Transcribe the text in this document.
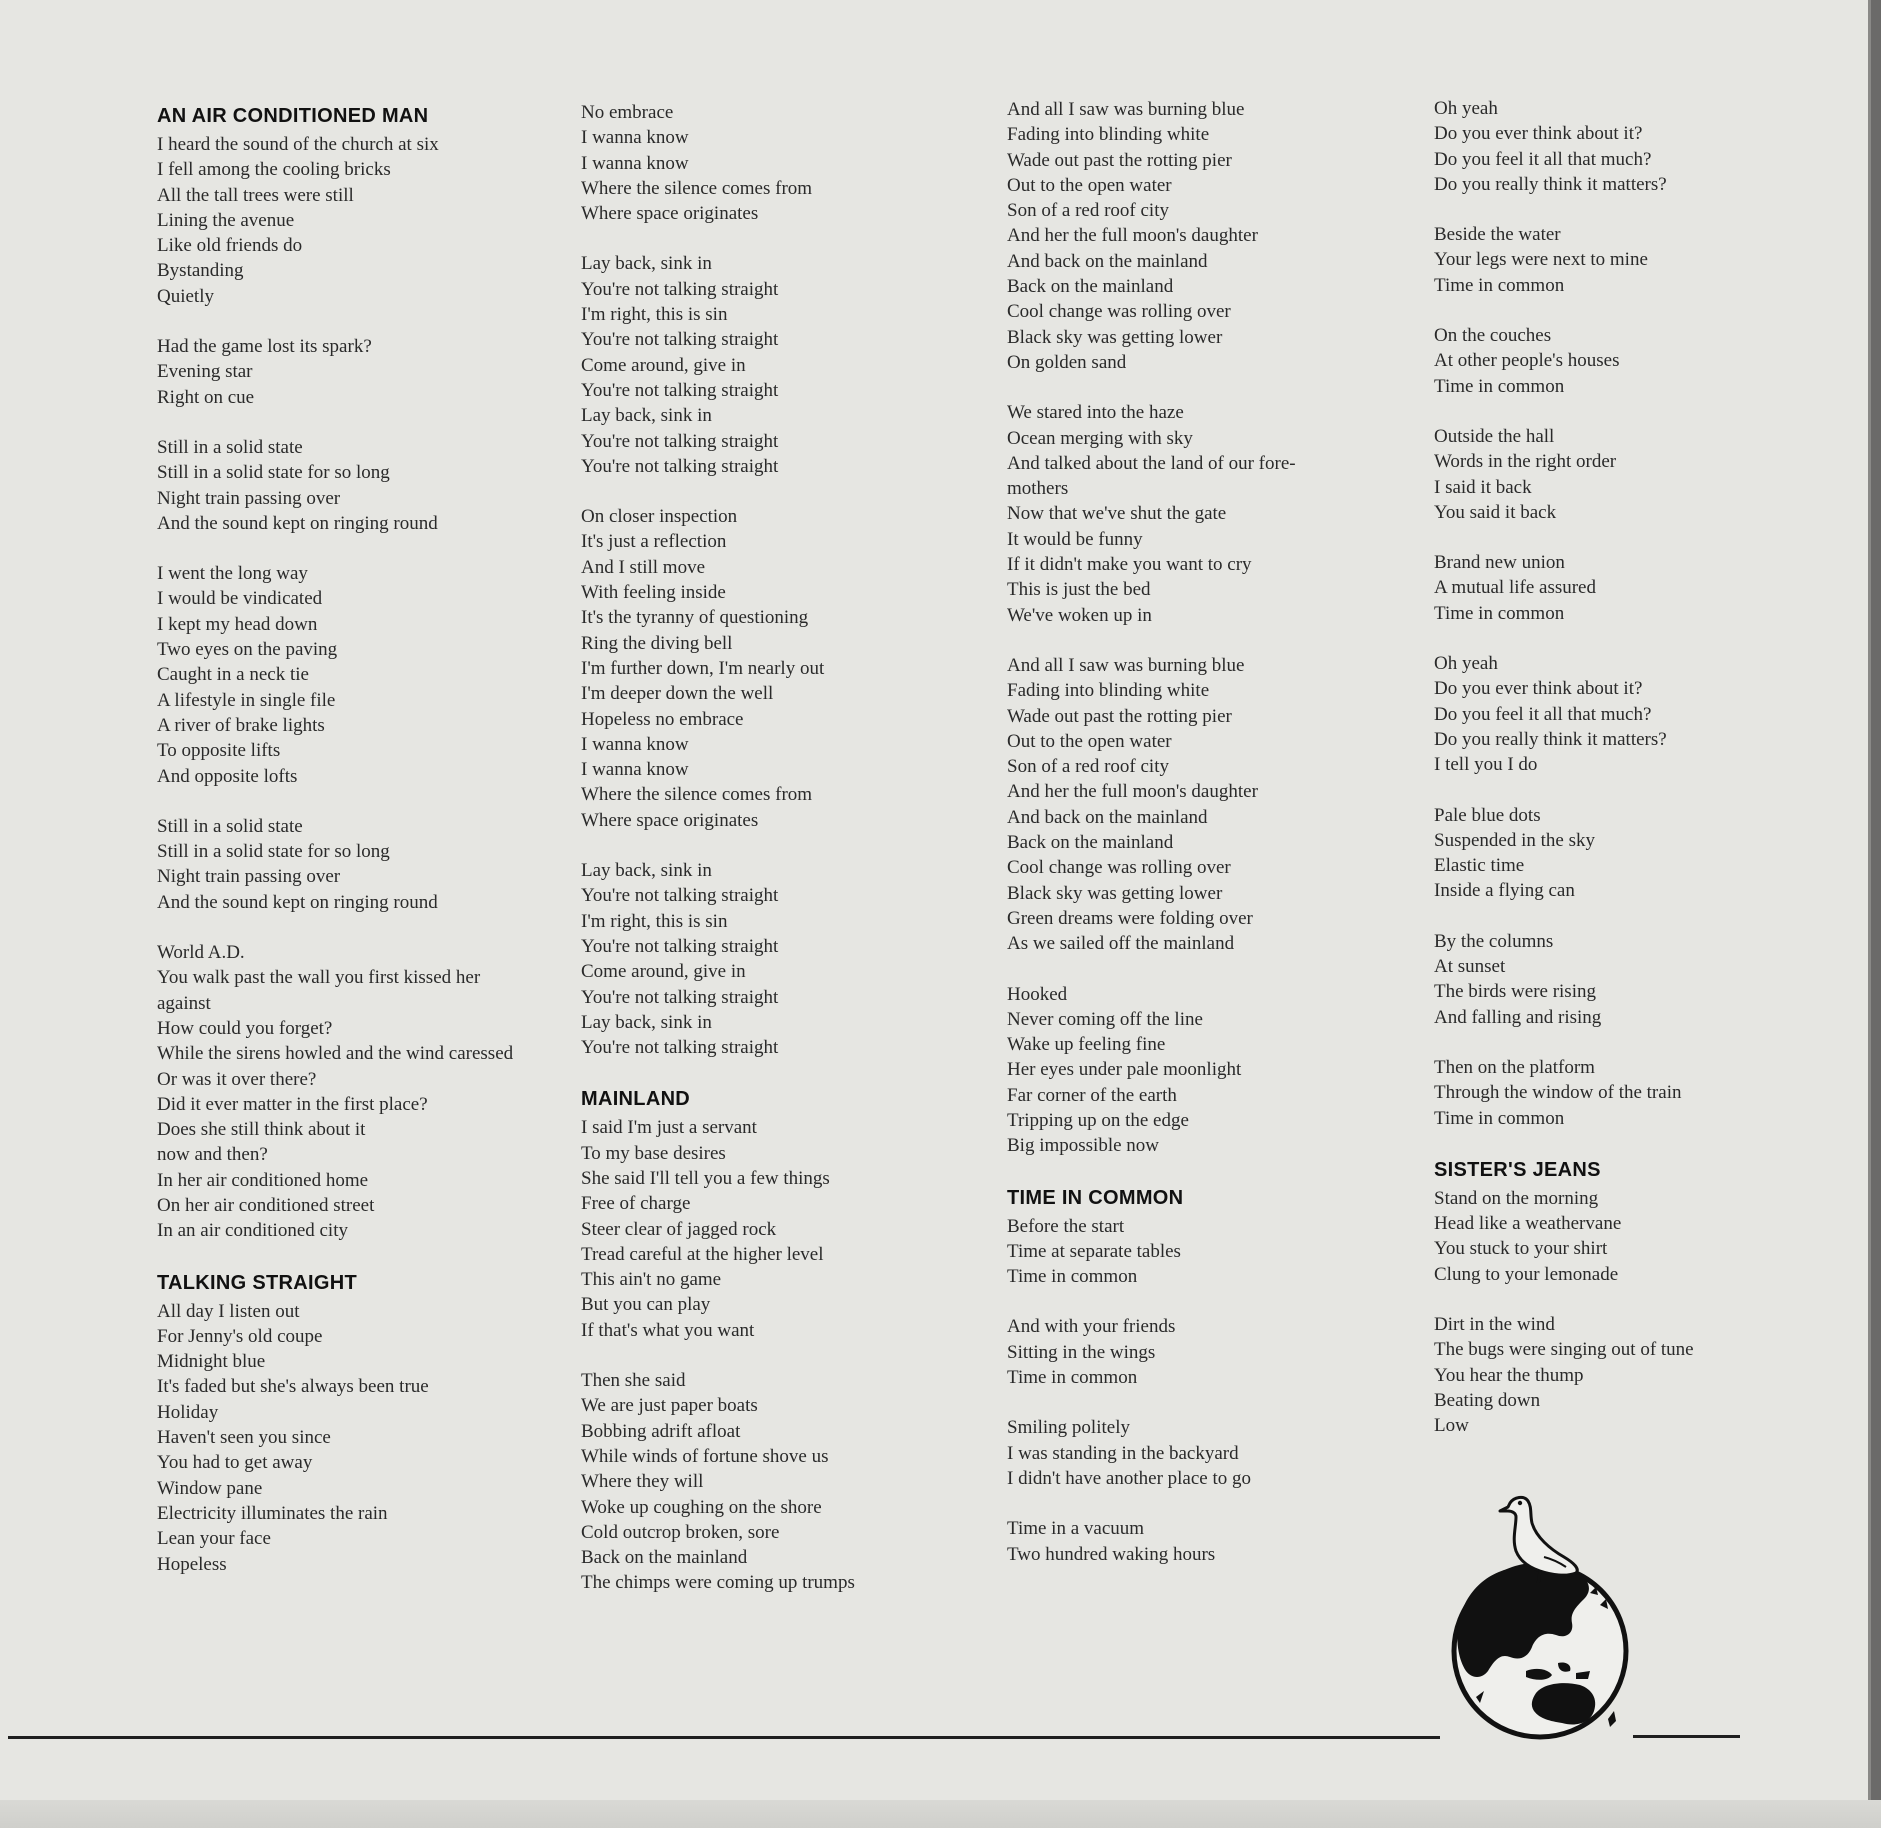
AN AIR CONDITIONED MAN
I heard the sound of the church at six
I fell among the cooling bricks
All the tall trees were still
Lining the avenue
Like old friends do
Bystanding
Quietly
Had the game lost its spark?
Evening star
Right on cue
Still in a solid state
Still in a solid state for so long
Night train passing over
And the sound kept on ringing round
I went the long way
I would be vindicated
I kept my head down
Two eyes on the paving
Caught in a neck tie
A lifestyle in single file
A river of brake lights
To opposite lifts
And opposite lofts
Still in a solid state
Still in a solid state for so long
Night train passing over
And the sound kept on ringing round
World A.D.
You walk past the wall you first kissed her against
How could you forget?
While the sirens howled and the wind caressed
Or was it over there?
Did it ever matter in the first place?
Does she still think about it
now and then?
In her air conditioned home
On her air conditioned street
In an air conditioned city
TALKING STRAIGHT
All day I listen out
For Jenny's old coupe
Midnight blue
It's faded but she's always been true
Holiday
Haven't seen you since
You had to get away
Window pane
Electricity illuminates the rain
Lean your face
Hopeless
No embrace
I wanna know
I wanna know
Where the silence comes from
Where space originates
Lay back, sink in
You're not talking straight
I'm right, this is sin
You're not talking straight
Come around, give in
You're not talking straight
Lay back, sink in
You're not talking straight
You're not talking straight
On closer inspection
It's just a reflection
And I still move
With feeling inside
It's the tyranny of questioning
Ring the diving bell
I'm further down, I'm nearly out
I'm deeper down the well
Hopeless no embrace
I wanna know
I wanna know
Where the silence comes from
Where space originates
Lay back, sink in
You're not talking straight
I'm right, this is sin
You're not talking straight
Come around, give in
You're not talking straight
Lay back, sink in
You're not talking straight
MAINLAND
I said I'm just a servant
To my base desires
She said I'll tell you a few things
Free of charge
Steer clear of jagged rock
Tread careful at the higher level
This ain't no game
But you can play
If that's what you want
Then she said
We are just paper boats
Bobbing adrift afloat
While winds of fortune shove us
Where they will
Woke up coughing on the shore
Cold outcrop broken, sore
Back on the mainland
The chimps were coming up trumps
And all I saw was burning blue
Fading into blinding white
Wade out past the rotting pier
Out to the open water
Son of a red roof city
And her the full moon's daughter
And back on the mainland
Back on the mainland
Cool change was rolling over
Black sky was getting lower
On golden sand
We stared into the haze
Ocean merging with sky
And talked about the land of our fore-mothers
Now that we've shut the gate
It would be funny
If it didn't make you want to cry
This is just the bed
We've woken up in
And all I saw was burning blue
Fading into blinding white
Wade out past the rotting pier
Out to the open water
Son of a red roof city
And her the full moon's daughter
And back on the mainland
Back on the mainland
Cool change was rolling over
Black sky was getting lower
Green dreams were folding over
As we sailed off the mainland
Hooked
Never coming off the line
Wake up feeling fine
Her eyes under pale moonlight
Far corner of the earth
Tripping up on the edge
Big impossible now
TIME IN COMMON
Before the start
Time at separate tables
Time in common
And with your friends
Sitting in the wings
Time in common
Smiling politely
I was standing in the backyard
I didn't have another place to go
Time in a vacuum
Two hundred waking hours
Oh yeah
Do you ever think about it?
Do you feel it all that much?
Do you really think it matters?
Beside the water
Your legs were next to mine
Time in common
On the couches
At other people's houses
Time in common
Outside the hall
Words in the right order
I said it back
You said it back
Brand new union
A mutual life assured
Time in common
Oh yeah
Do you ever think about it?
Do you feel it all that much?
Do you really think it matters?
I tell you I do
Pale blue dots
Suspended in the sky
Elastic time
Inside a flying can
By the columns
At sunset
The birds were rising
And falling and rising
Then on the platform
Through the window of the train
Time in common
SISTER'S JEANS
Stand on the morning
Head like a weathervane
You stuck to your shirt
Clung to your lemonade
Dirt in the wind
The bugs were singing out of tune
You hear the thump
Beating down
Low
